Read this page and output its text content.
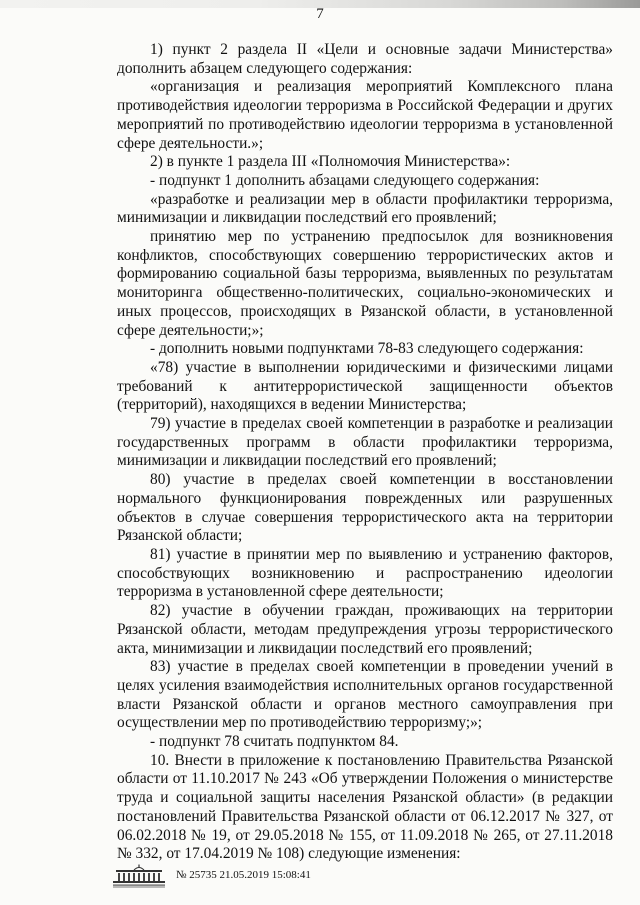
7

1) пункт 2 раздела II «Цели и основные задачи Министерства» дополнить абзацем следующего содержания:

«организация и реализация мероприятий Комплексного плана противодействия идеологии терроризма в Российской Федерации и других мероприятий по противодействию идеологии терроризма в установленной сфере деятельности.»;

2) в пункте 1 раздела III «Полномочия Министерства»:

- подпункт 1 дополнить абзацами следующего содержания:

«разработке и реализации мер в области профилактики терроризма, минимизации и ликвидации последствий его проявлений;

принятию мер по устранению предпосылок для возникновения конфликтов, способствующих совершению террористических актов и формированию социальной базы терроризма, выявленных по результатам мониторинга общественно-политических, социально-экономических и иных процессов, происходящих в Рязанской области, в установленной сфере деятельности;»;

- дополнить новыми подпунктами 78-83 следующего содержания:

«78) участие в выполнении юридическими и физическими лицами требований к антитеррористической защищенности объектов (территорий), находящихся в ведении Министерства;

79) участие в пределах своей компетенции в разработке и реализации государственных программ в области профилактики терроризма, минимизации и ликвидации последствий его проявлений;

80) участие в пределах своей компетенции в восстановлении нормального функционирования поврежденных или разрушенных объектов в случае совершения террористического акта на территории Рязанской области;

81) участие в принятии мер по выявлению и устранению факторов, способствующих возникновению и распространению идеологии терроризма в установленной сфере деятельности;

82) участие в обучении граждан, проживающих на территории Рязанской области, методам предупреждения угрозы террористического акта, минимизации и ликвидации последствий его проявлений;

83) участие в пределах своей компетенции в проведении учений в целях усиления взаимодействия исполнительных органов государственной власти Рязанской области и органов местного самоуправления при осуществлении мер по противодействию терроризму;»;

- подпункт 78 считать подпунктом 84.

10. Внести в приложение к постановлению Правительства Рязанской области от 11.10.2017 № 243 «Об утверждении Положения о министерстве труда и социальной защиты населения Рязанской области» (в редакции постановлений Правительства Рязанской области от 06.12.2017 № 327, от 06.02.2018 № 19, от 29.05.2018 № 155, от 11.09.2018 № 265, от 27.11.2018 № 332, от 17.04.2019 № 108) следующие изменения:

№ 25735 21.05.2019 15:08:41
